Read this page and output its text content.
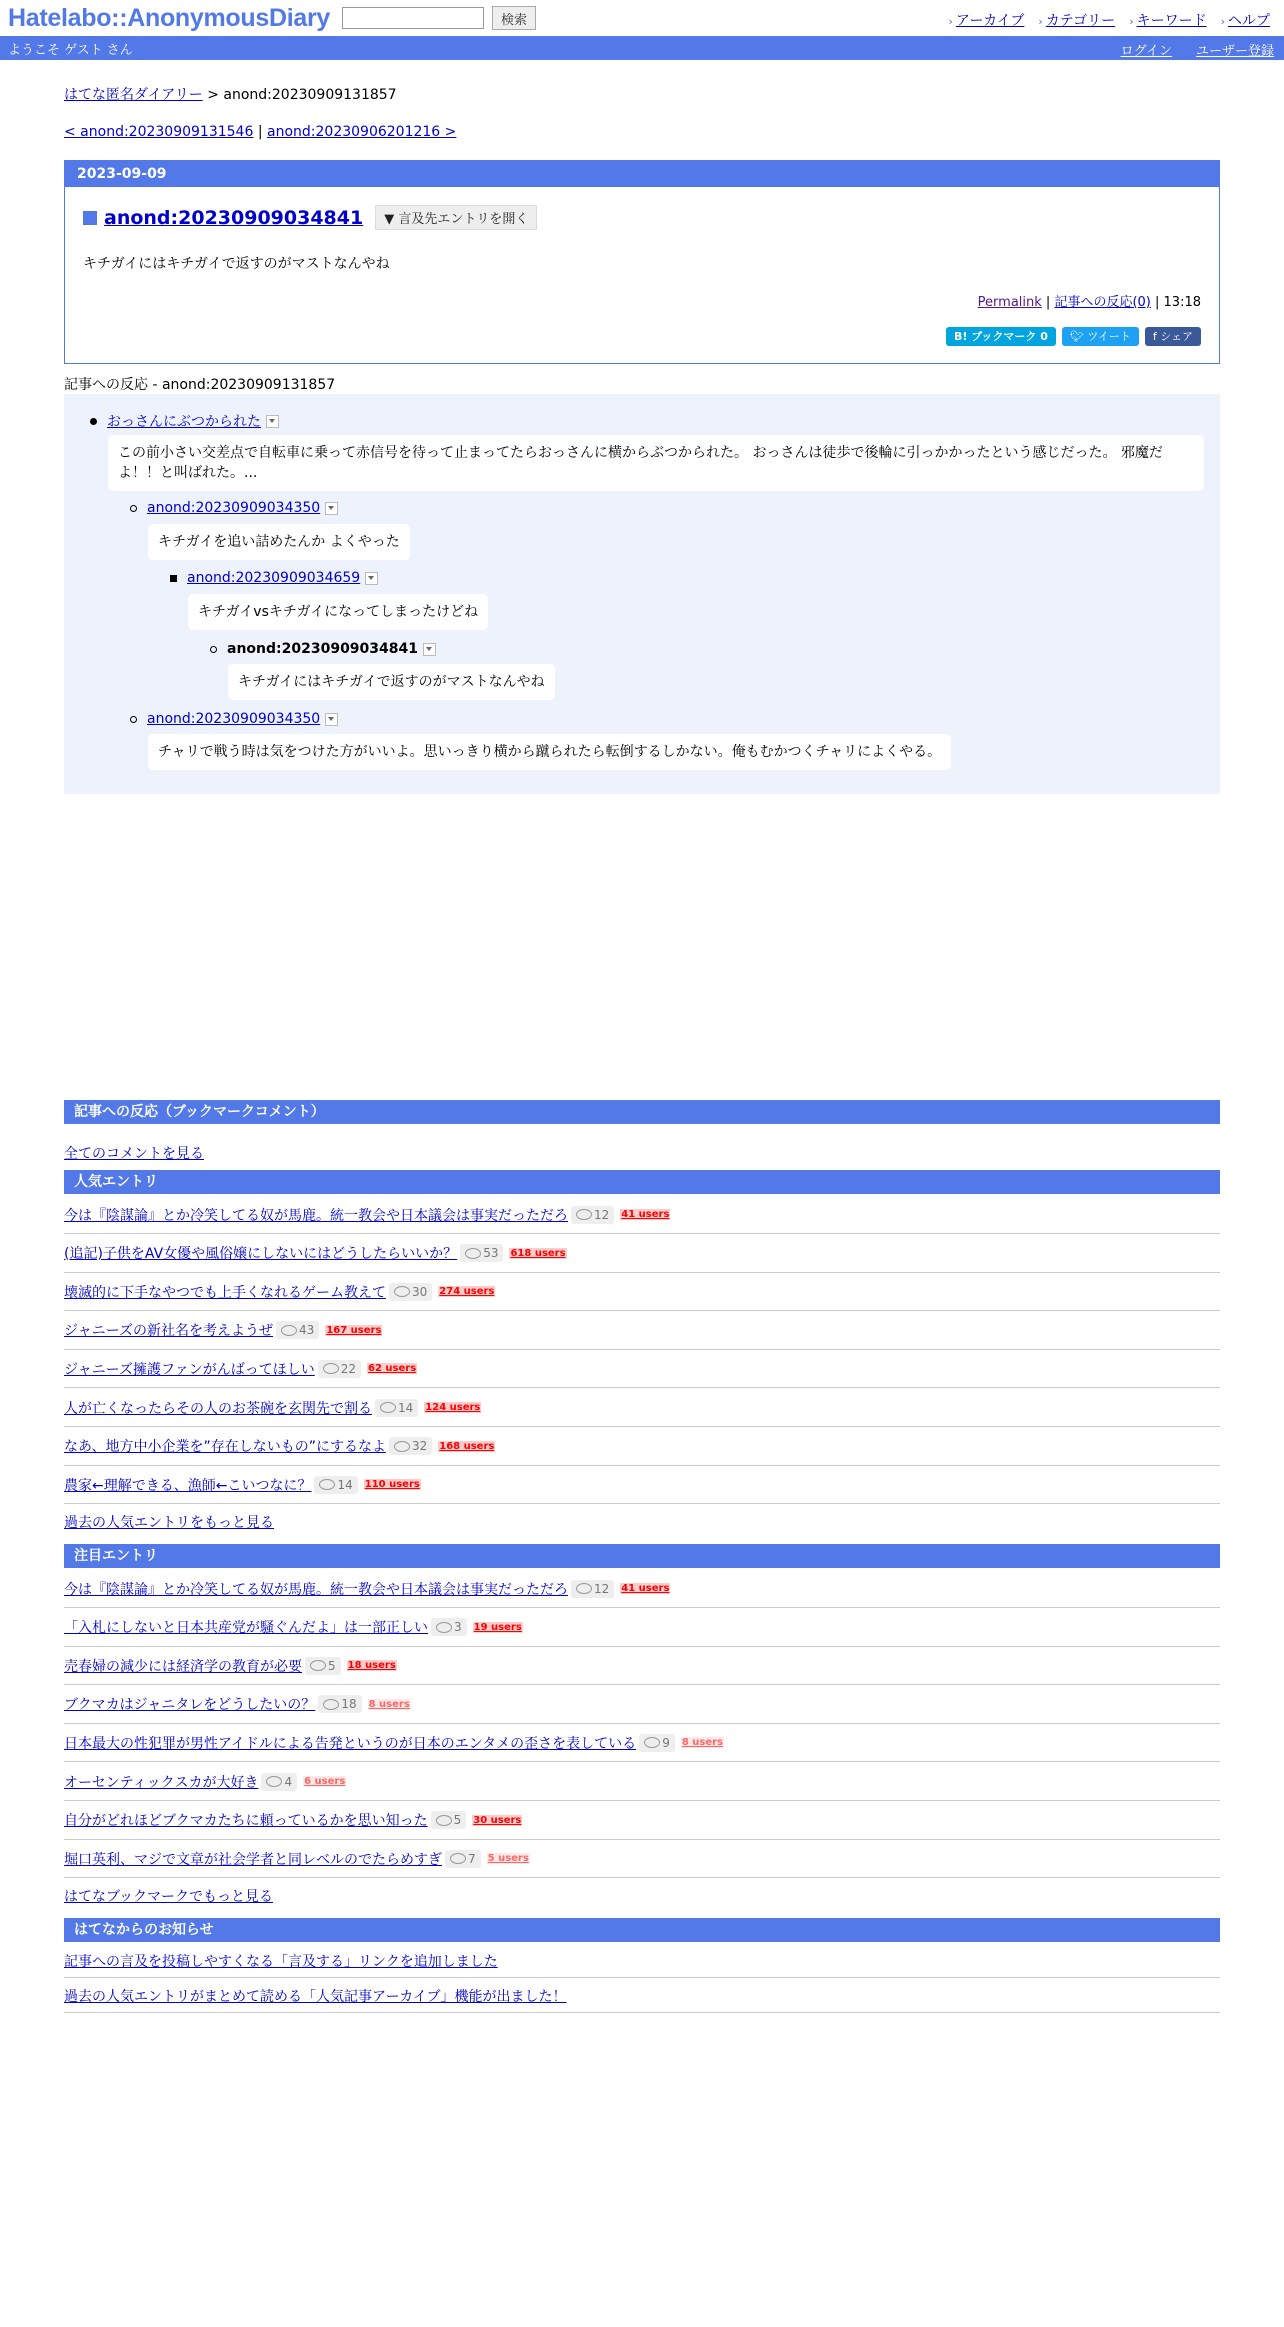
Hatelabo::AnonymousDiary	検索	› アーカイブ › カテゴリー › キーワード › ヘルプ
ようこそ ゲスト さん	ログイン ユーザー登録
はてな匿名ダイアリー > anond:20230909131857
< anond:20230909131546 | anond:20230906201216 >
2023-09-09
anond:20230909034841	▼ 言及先エントリを開く
キチガイにはキチガイで返すのがマストなんやね
Permalink | 記事への反応(0) | 13:18
B! ブックマーク 0	🐦︎ ツイート	f シェア
記事への反応 - anond:20230909131857
おっさんにぶつかられた
この前小さい交差点で自転車に乗って赤信号を待って止まってたらおっさんに横からぶつかられた。 おっさんは徒歩で後輪に引っかかったという感じだった。 邪魔だよ！！と叫ばれた。...
anond:20230909034350
キチガイを追い詰めたんか よくやった
anond:20230909034659
キチガイvsキチガイになってしまったけどね
anond:20230909034841
キチガイにはキチガイで返すのがマストなんやね
anond:20230909034350
チャリで戦う時は気をつけた方がいいよ。思いっきり横から蹴られたら転倒するしかない。俺もむかつくチャリによくやる。
記事への反応（ブックマークコメント）
全てのコメントを見る
人気エントリ
今は『陰謀論』とか冷笑してる奴が馬鹿。統一教会や日本議会は事実だっただろ 12 41 users
(追記)子供をAV女優や風俗嬢にしないにはどうしたらいいか？ 53 618 users
壊滅的に下手なやつでも上手くなれるゲーム教えて 30 274 users
ジャニーズの新社名を考えようぜ 43 167 users
ジャニーズ擁護ファンがんばってほしい 22 62 users
人が亡くなったらその人のお茶碗を玄関先で割る 14 124 users
なあ、地方中小企業を”存在しないもの”にするなよ 32 168 users
農家←理解できる、漁師←こいつなに？ 14 110 users
過去の人気エントリをもっと見る
注目エントリ
今は『陰謀論』とか冷笑してる奴が馬鹿。統一教会や日本議会は事実だっただろ 12 41 users
「入札にしないと日本共産党が騒ぐんだよ」は一部正しい 3 19 users
売春婦の減少には経済学の教育が必要 5 18 users
ブクマカはジャニタレをどうしたいの？ 18 8 users
日本最大の性犯罪が男性アイドルによる告発というのが日本のエンタメの歪さを表している 9 8 users
オーセンティックスカが大好き 4 6 users
自分がどれほどブクマカたちに頼っているかを思い知った 5 30 users
堀口英利、マジで文章が社会学者と同レベルのでたらめすぎ 7 5 users
はてなブックマークでもっと見る
はてなからのお知らせ
記事への言及を投稿しやすくなる「言及する」リンクを追加しました
過去の人気エントリがまとめて読める「人気記事アーカイブ」機能が出ました！
